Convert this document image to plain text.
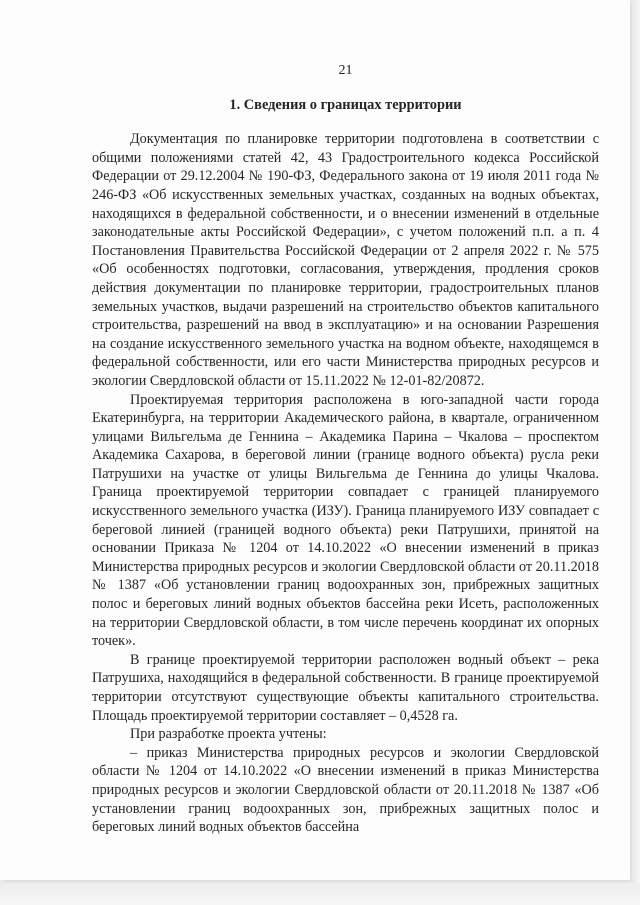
21
1. Сведения о границах территории

Документация по планировке территории подготовлена в соответствии с общими положениями статей 42, 43 Градостроительного кодекса Российской Федерации от 29.12.2004 № 190-ФЗ, Федерального закона от 19 июля 2011 года № 246-ФЗ «Об искусственных земельных участках, созданных на водных объектах, находящихся в федеральной собственности, и о внесении изменений в отдельные законодательные акты Российской Федерации», с учетом положений п.п. а п. 4 Постановления Правительства Российской Федерации от 2 апреля 2022 г. № 575 «Об особенностях подготовки, согласования, утверждения, продления сроков действия документации по планировке территории, градостроительных планов земельных участков, выдачи разрешений на строительство объектов капитального строительства, разрешений на ввод в эксплуатацию» и на основании Разрешения на создание искусственного земельного участка на водном объекте, находящемся в федеральной собственности, или его части Министерства природных ресурсов и экологии Свердловской области от 15.11.2022 № 12-01-82/20872.

Проектируемая территория расположена в юго-западной части города Екатеринбурга, на территории Академического района, в квартале, ограниченном улицами Вильгельма де Геннина – Академика Парина – Чкалова – проспектом Академика Сахарова, в береговой линии (границе водного объекта) русла реки Патрушихи на участке от улицы Вильгельма де Геннина до улицы Чкалова. Граница проектируемой территории совпадает с границей планируемого искусственного земельного участка (ИЗУ). Граница планируемого ИЗУ совпадает с береговой линией (границей водного объекта) реки Патрушихи, принятой на основании Приказа № 1204 от 14.10.2022 «О внесении изменений в приказ Министерства природных ресурсов и экологии Свердловской области от 20.11.2018 № 1387 «Об установлении границ водоохранных зон, прибрежных защитных полос и береговых линий водных объектов бассейна реки Исеть, расположенных на территории Свердловской области, в том числе перечень координат их опорных точек».

В границе проектируемой территории расположен водный объект – река Патрушиха, находящийся в федеральной собственности. В границе проектируемой территории отсутствуют существующие объекты капитального строительства. Площадь проектируемой территории составляет – 0,4528 га.

При разработке проекта учтены:

– приказ Министерства природных ресурсов и экологии Свердловской области № 1204 от 14.10.2022 «О внесении изменений в приказ Министерства природных ресурсов и экологии Свердловской области от 20.11.2018 № 1387 «Об установлении границ водоохранных зон, прибрежных защитных полос и береговых линий водных объектов бассейна
